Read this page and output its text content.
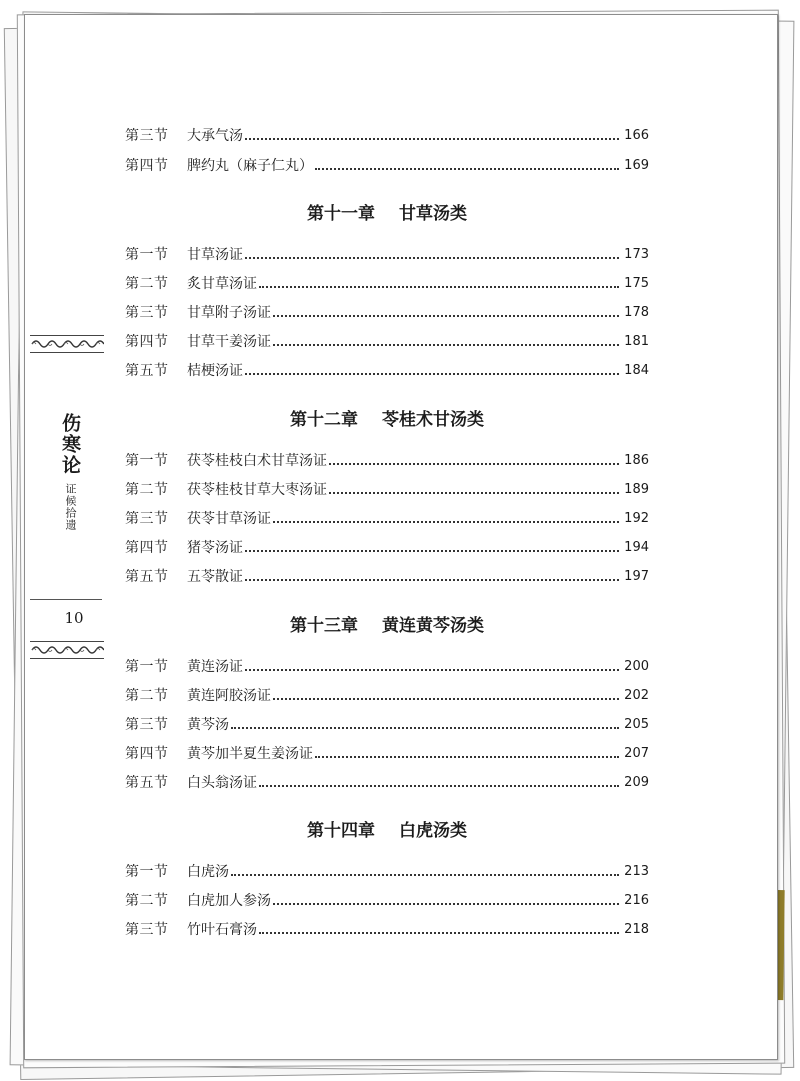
伤寒论
证候拾遗
10
第三节	大承气汤	166
第四节	脾约丸（麻子仁丸）	169
第十一章 甘草汤类
第一节	甘草汤证	173
第二节	炙甘草汤证	175
第三节	甘草附子汤证	178
第四节	甘草干姜汤证	181
第五节	桔梗汤证	184
第十二章 苓桂术甘汤类
第一节	茯苓桂枝白术甘草汤证	186
第二节	茯苓桂枝甘草大枣汤证	189
第三节	茯苓甘草汤证	192
第四节	猪苓汤证	194
第五节	五苓散证	197
第十三章 黄连黄芩汤类
第一节	黄连汤证	200
第二节	黄连阿胶汤证	202
第三节	黄芩汤	205
第四节	黄芩加半夏生姜汤证	207
第五节	白头翁汤证	209
第十四章 白虎汤类
第一节	白虎汤	213
第二节	白虎加人参汤	216
第三节	竹叶石膏汤	218
